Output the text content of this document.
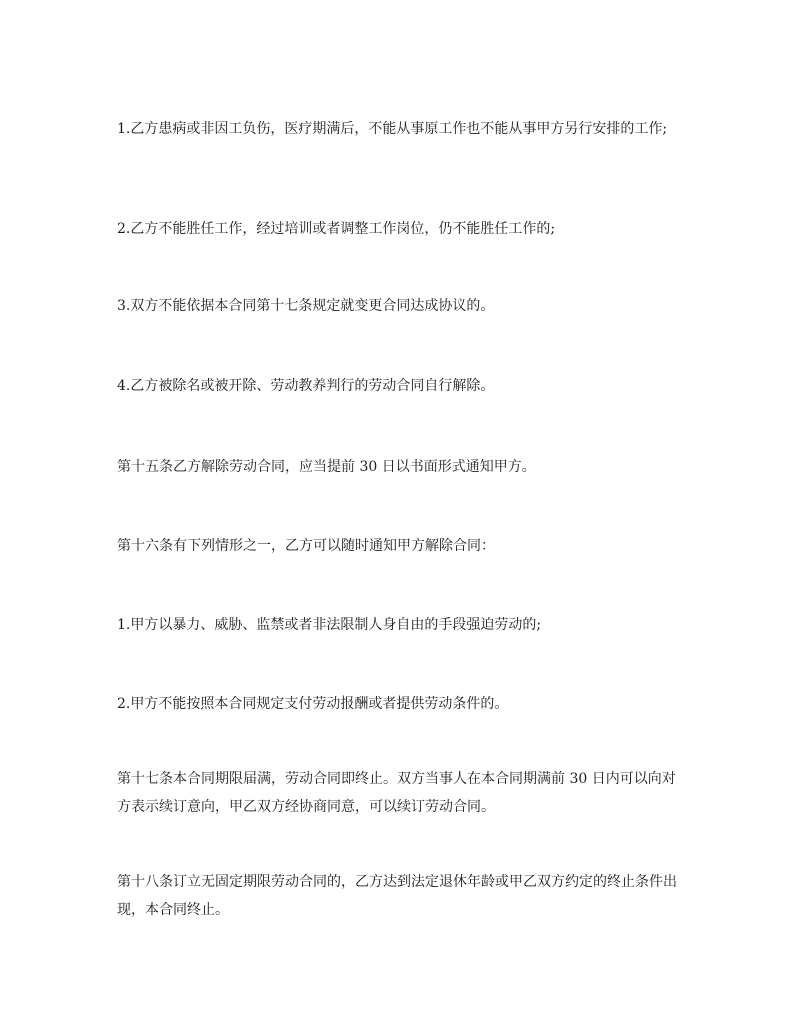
1.乙方患病或非因工负伤，医疗期满后，不能从事原工作也不能从事甲方另行安排的工作;

2.乙方不能胜任工作，经过培训或者调整工作岗位，仍不能胜任工作的;

3.双方不能依据本合同第十七条规定就变更合同达成协议的。

4.乙方被除名或被开除、劳动教养判行的劳动合同自行解除。

第十五条乙方解除劳动合同，应当提前 30 日以书面形式通知甲方。

第十六条有下列情形之一，乙方可以随时通知甲方解除合同：

1.甲方以暴力、威胁、监禁或者非法限制人身自由的手段强迫劳动的;

2.甲方不能按照本合同规定支付劳动报酬或者提供劳动条件的。

第十七条本合同期限届满，劳动合同即终止。双方当事人在本合同期满前 30 日内可以向对方表示续订意向，甲乙双方经协商同意，可以续订劳动合同。

第十八条订立无固定期限劳动合同的，乙方达到法定退休年龄或甲乙双方约定的终止条件出现，本合同终止。
